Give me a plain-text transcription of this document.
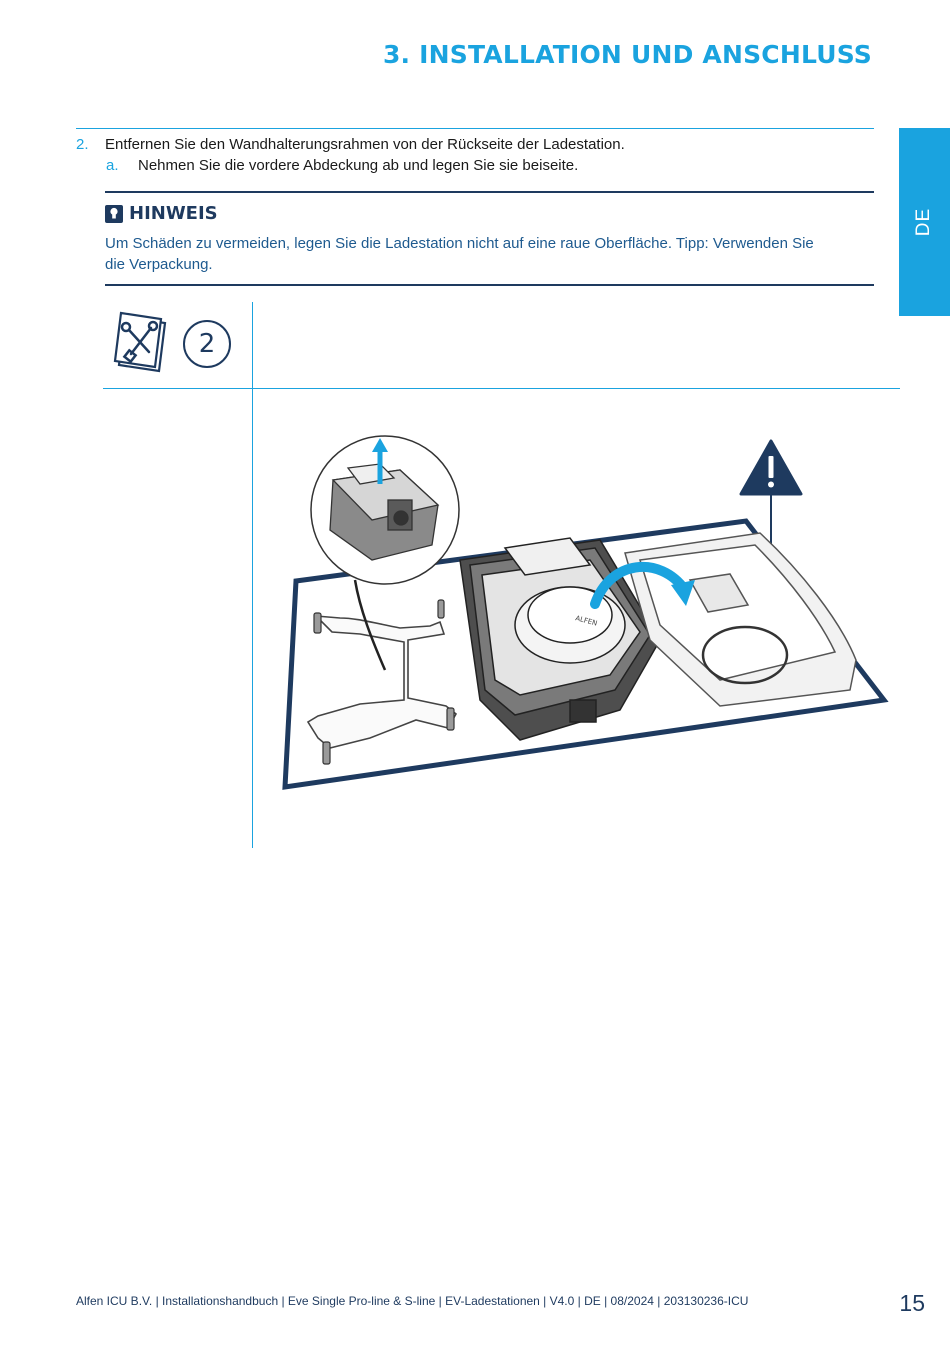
3. INSTALLATION UND ANSCHLUSS
DE
2. Entfernen Sie den Wandhalterungsrahmen von der Rückseite der Ladestation.
a. Nehmen Sie die vordere Abdeckung ab und legen Sie sie beiseite.
HINWEIS
Um Schäden zu vermeiden, legen Sie die Ladestation nicht auf eine raue Oberfläche. Tipp: Verwenden Sie die Verpackung.
2
ALFEN
Alfen ICU B.V. | Installationshandbuch | Eve Single Pro-line & S-line | EV-Ladestationen | V4.0 | DE | 08/2024 | 203130236-ICU	15
